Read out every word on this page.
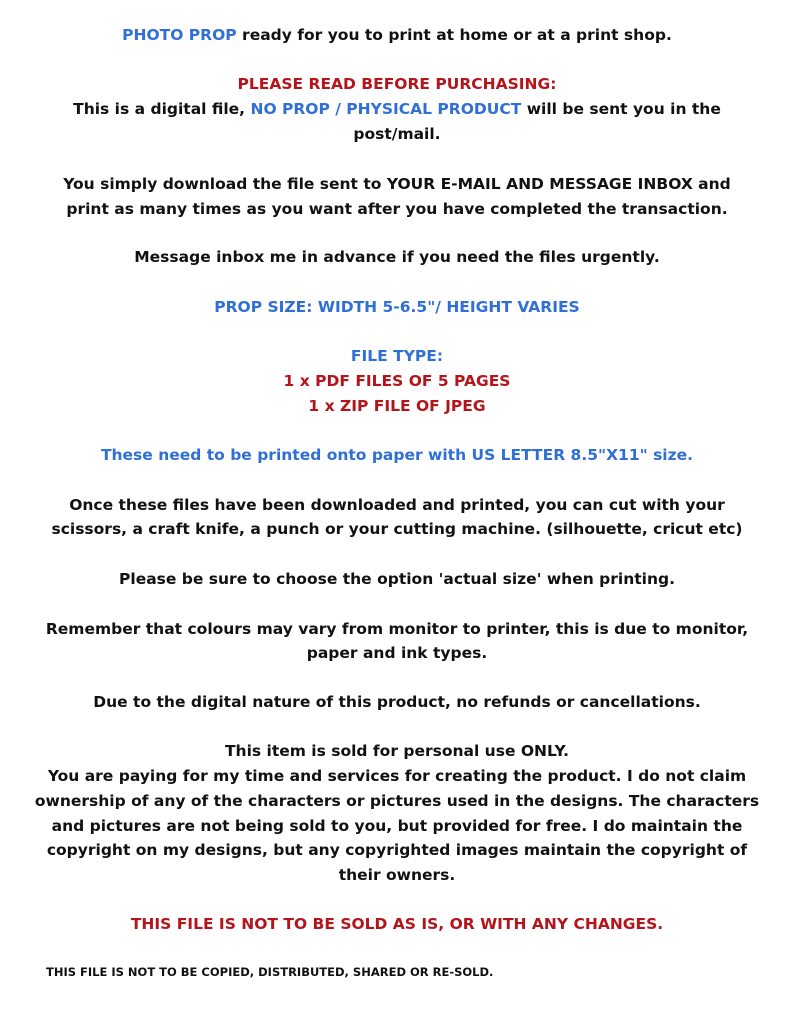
PHOTO PROP ready for you to print at home or at a print shop.
PLEASE READ BEFORE PURCHASING:
This is a digital file, NO PROP / PHYSICAL PRODUCT will be sent you in the
post/mail.
You simply download the file sent to YOUR E-MAIL AND MESSAGE INBOX and
print as many times as you want after you have completed the transaction.
Message inbox me in advance if you need the files urgently.
PROP SIZE: WIDTH 5-6.5"/ HEIGHT VARIES
FILE TYPE:
1 x PDF FILES OF 5 PAGES
1 x ZIP FILE OF JPEG
These need to be printed onto paper with US LETTER 8.5"X11" size.
Once these files have been downloaded and printed, you can cut with your
scissors, a craft knife, a punch or your cutting machine. (silhouette, cricut etc)
Please be sure to choose the option 'actual size' when printing.
Remember that colours may vary from monitor to printer, this is due to monitor,
paper and ink types.
Due to the digital nature of this product, no refunds or cancellations.
This item is sold for personal use ONLY.
You are paying for my time and services for creating the product. I do not claim
ownership of any of the characters or pictures used in the designs. The characters
and pictures are not being sold to you, but provided for free. I do maintain the
copyright on my designs, but any copyrighted images maintain the copyright of
their owners.
THIS FILE IS NOT TO BE SOLD AS IS, OR WITH ANY CHANGES.
THIS FILE IS NOT TO BE COPIED, DISTRIBUTED, SHARED OR RE-SOLD.
